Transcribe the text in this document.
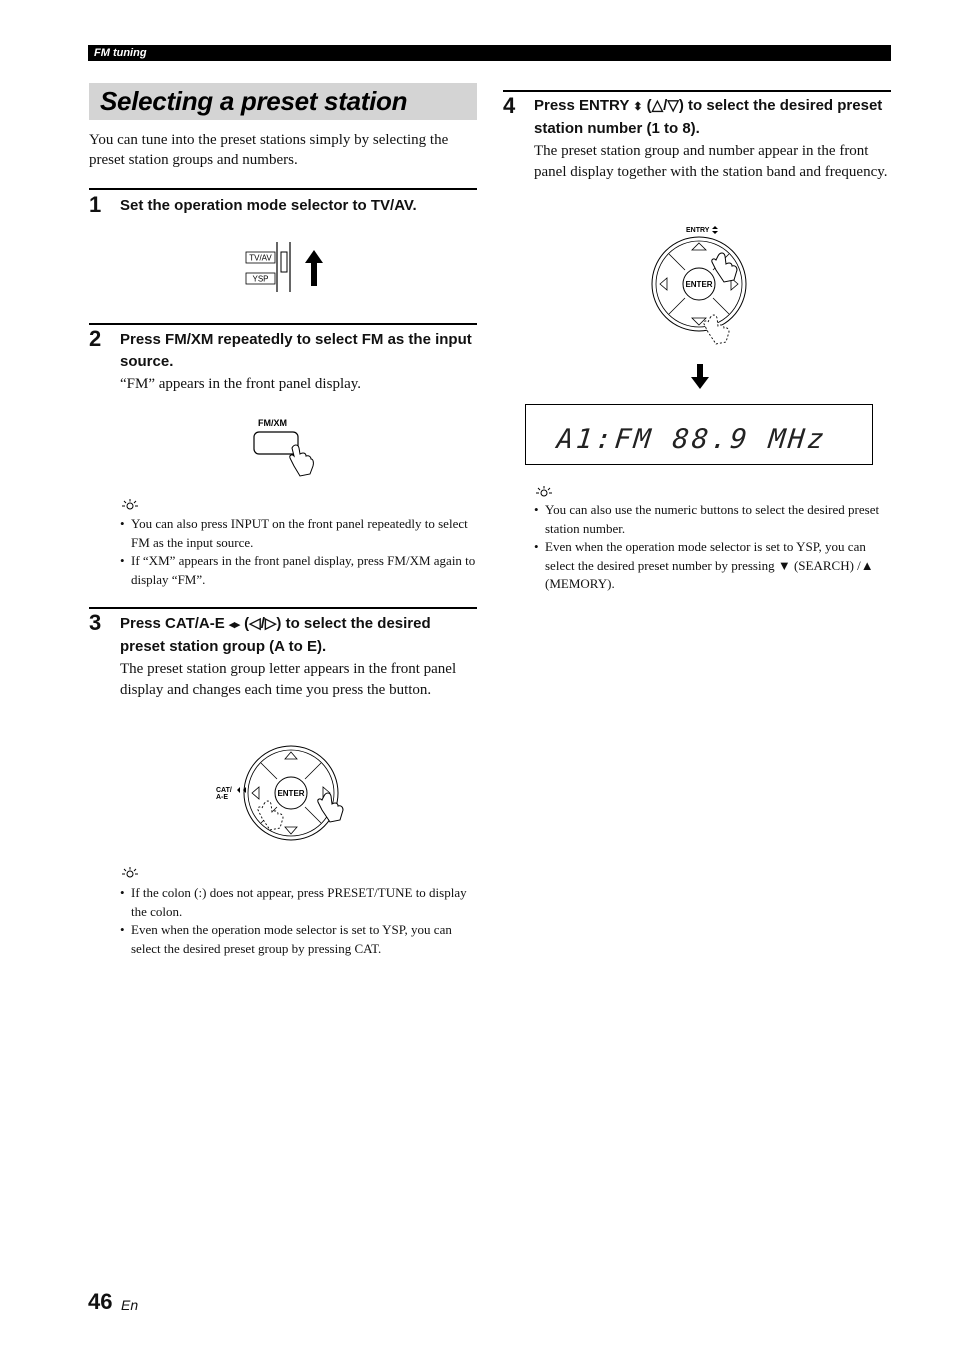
FM tuning
Selecting a preset station

You can tune into the preset stations simply by selecting the preset station groups and numbers.

1 Set the operation mode selector to TV/AV.

TV/AV
YSP
2 Press FM/XM repeatedly to select FM as the input source.

“FM” appears in the front panel display.

FM/XM
• You can also press INPUT on the front panel repeatedly to select FM as the input source.
• If “XM” appears in the front panel display, press FM/XM again to display “FM”.
3 Press CAT/A-E ◂▸ (◁/▷) to select the desired preset station group (A to E).

The preset station group letter appears in the front panel display and changes each time you press the button.

CAT/
A-E	ENTER
• If the colon (:) does not appear, press PRESET/TUNE to display the colon.
• Even when the operation mode selector is set to YSP, you can select the desired preset group by pressing CAT.
4 Press ENTRY ⬍ (△/▽) to select the desired preset station number (1 to 8).

The preset station group and number appear in the front panel display together with the station band and frequency.

ENTRY
ENTER
A1:FM 88.9 MHz
• You can also use the numeric buttons to select the desired preset station number.
• Even when the operation mode selector is set to YSP, you can select the desired preset number by pressing ▼ (SEARCH) /▲ (MEMORY).
46 En
